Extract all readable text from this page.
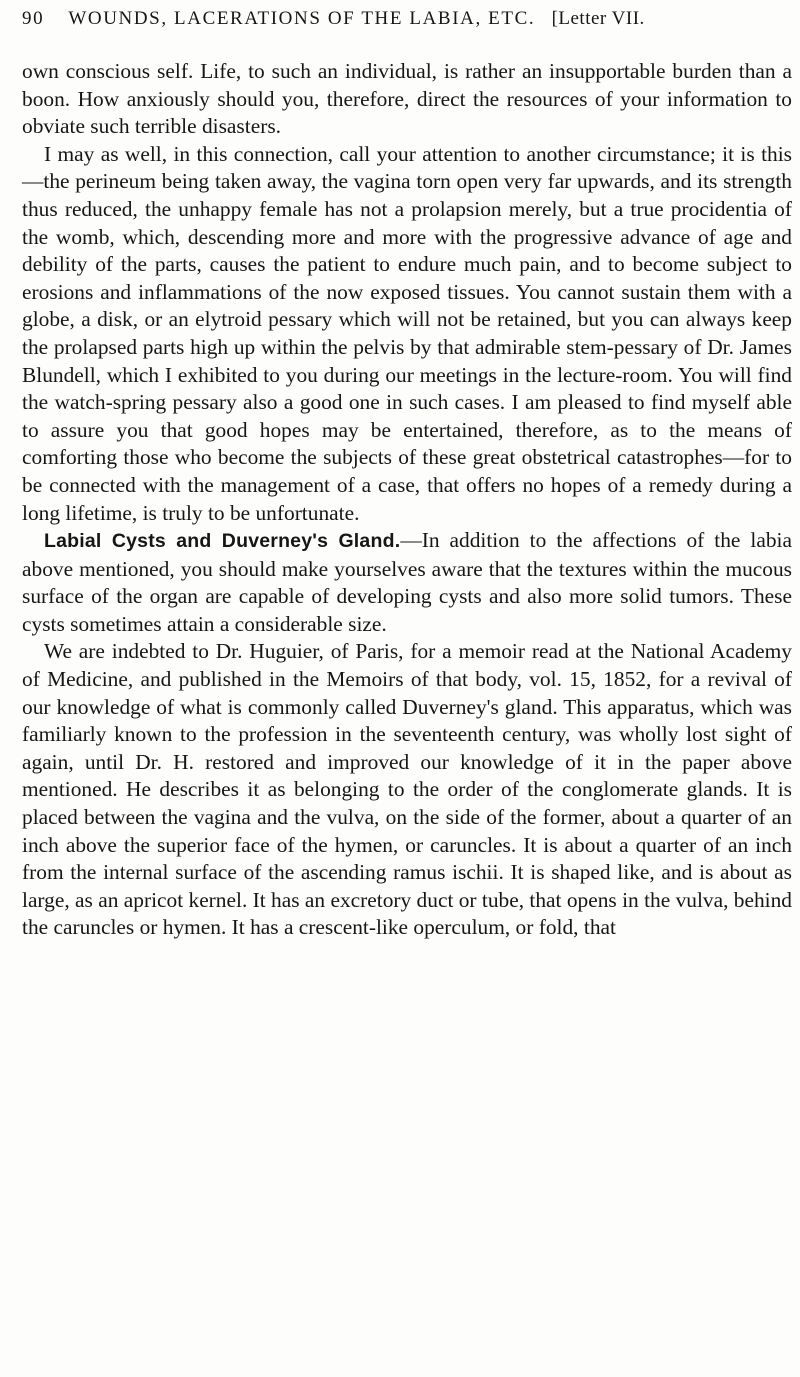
90 WOUNDS, LACERATIONS OF THE LABIA, ETC. [Letter VII.

own conscious self. Life, to such an individual, is rather an insupportable burden than a boon. How anxiously should you, therefore, direct the resources of your information to obviate such terrible disasters.

I may as well, in this connection, call your attention to another circumstance; it is this—the perineum being taken away, the vagina torn open very far upwards, and its strength thus reduced, the unhappy female has not a prolapsion merely, but a true procidentia of the womb, which, descending more and more with the progressive advance of age and debility of the parts, causes the patient to endure much pain, and to become subject to erosions and inflammations of the now exposed tissues. You cannot sustain them with a globe, a disk, or an elytroid pessary which will not be retained, but you can always keep the prolapsed parts high up within the pelvis by that admirable stem-pessary of Dr. James Blundell, which I exhibited to you during our meetings in the lecture-room. You will find the watch-spring pessary also a good one in such cases. I am pleased to find myself able to assure you that good hopes may be entertained, therefore, as to the means of comforting those who become the subjects of these great obstetrical catastrophes—for to be connected with the management of a case, that offers no hopes of a remedy during a long lifetime, is truly to be unfortunate.

Labial Cysts and Duverney's Gland.—In addition to the affections of the labia above mentioned, you should make yourselves aware that the textures within the mucous surface of the organ are capable of developing cysts and also more solid tumors. These cysts sometimes attain a considerable size.

We are indebted to Dr. Huguier, of Paris, for a memoir read at the National Academy of Medicine, and published in the Memoirs of that body, vol. 15, 1852, for a revival of our knowledge of what is commonly called Duverney's gland. This apparatus, which was familiarly known to the profession in the seventeenth century, was wholly lost sight of again, until Dr. H. restored and improved our knowledge of it in the paper above mentioned. He describes it as belonging to the order of the conglomerate glands. It is placed between the vagina and the vulva, on the side of the former, about a quarter of an inch above the superior face of the hymen, or caruncles. It is about a quarter of an inch from the internal surface of the ascending ramus ischii. It is shaped like, and is about as large, as an apricot kernel. It has an excretory duct or tube, that opens in the vulva, behind the caruncles or hymen. It has a crescent-like operculum, or fold, that
